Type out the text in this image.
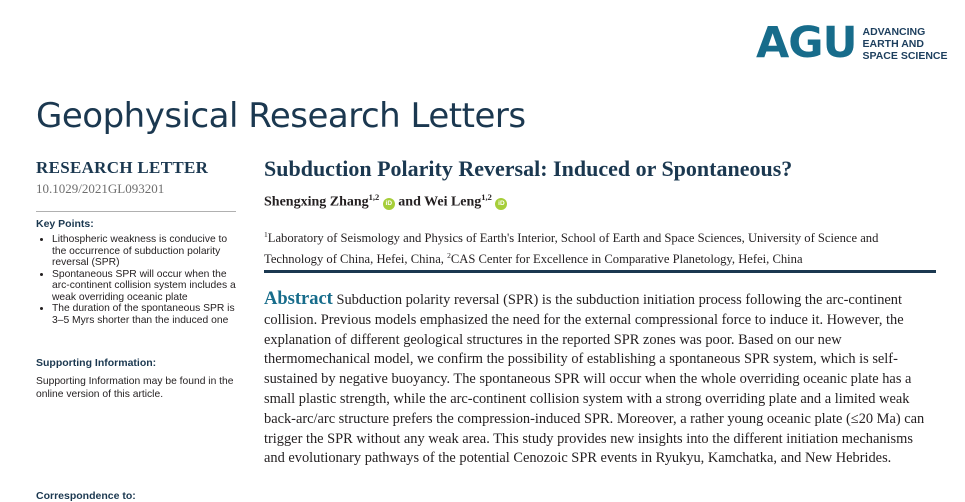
AGU ADVANCING
EARTH AND
SPACE SCIENCE
Geophysical Research Letters
RESEARCH LETTER
10.1029/2021GL093201
Key Points:
• Lithospheric weakness is conducive to the occurrence of subduction polarity reversal (SPR)
• Spontaneous SPR will occur when the arc-continent collision system includes a weak overriding oceanic plate
• The duration of the spontaneous SPR is 3–5 Myrs shorter than the induced one
Supporting Information:
Supporting Information may be found in the online version of this article.
Correspondence to:
Subduction Polarity Reversal: Induced or Spontaneous?
Shengxing Zhang$^{1,2}$ iD and Wei Leng$^{1,2}$ iD
$^1$Laboratory of Seismology and Physics of Earth's Interior, School of Earth and Space Sciences, University of Science and Technology of China, Hefei, China, $^2$CAS Center for Excellence in Comparative Planetology, Hefei, China
Abstract Subduction polarity reversal (SPR) is the subduction initiation process following the arc-continent collision. Previous models emphasized the need for the external compressional force to induce it. However, the explanation of different geological structures in the reported SPR zones was poor. Based on our new thermomechanical model, we confirm the possibility of establishing a spontaneous SPR system, which is self-sustained by negative buoyancy. The spontaneous SPR will occur when the whole overriding oceanic plate has a small plastic strength, while the arc-continent collision system with a strong overriding plate and a limited weak back-arc/arc structure prefers the compression-induced SPR. Moreover, a rather young oceanic plate (≤20 Ma) can trigger the SPR without any weak area. This study provides new insights into the different initiation mechanisms and evolutionary pathways of the potential Cenozoic SPR events in Ryukyu, Kamchatka, and New Hebrides.
